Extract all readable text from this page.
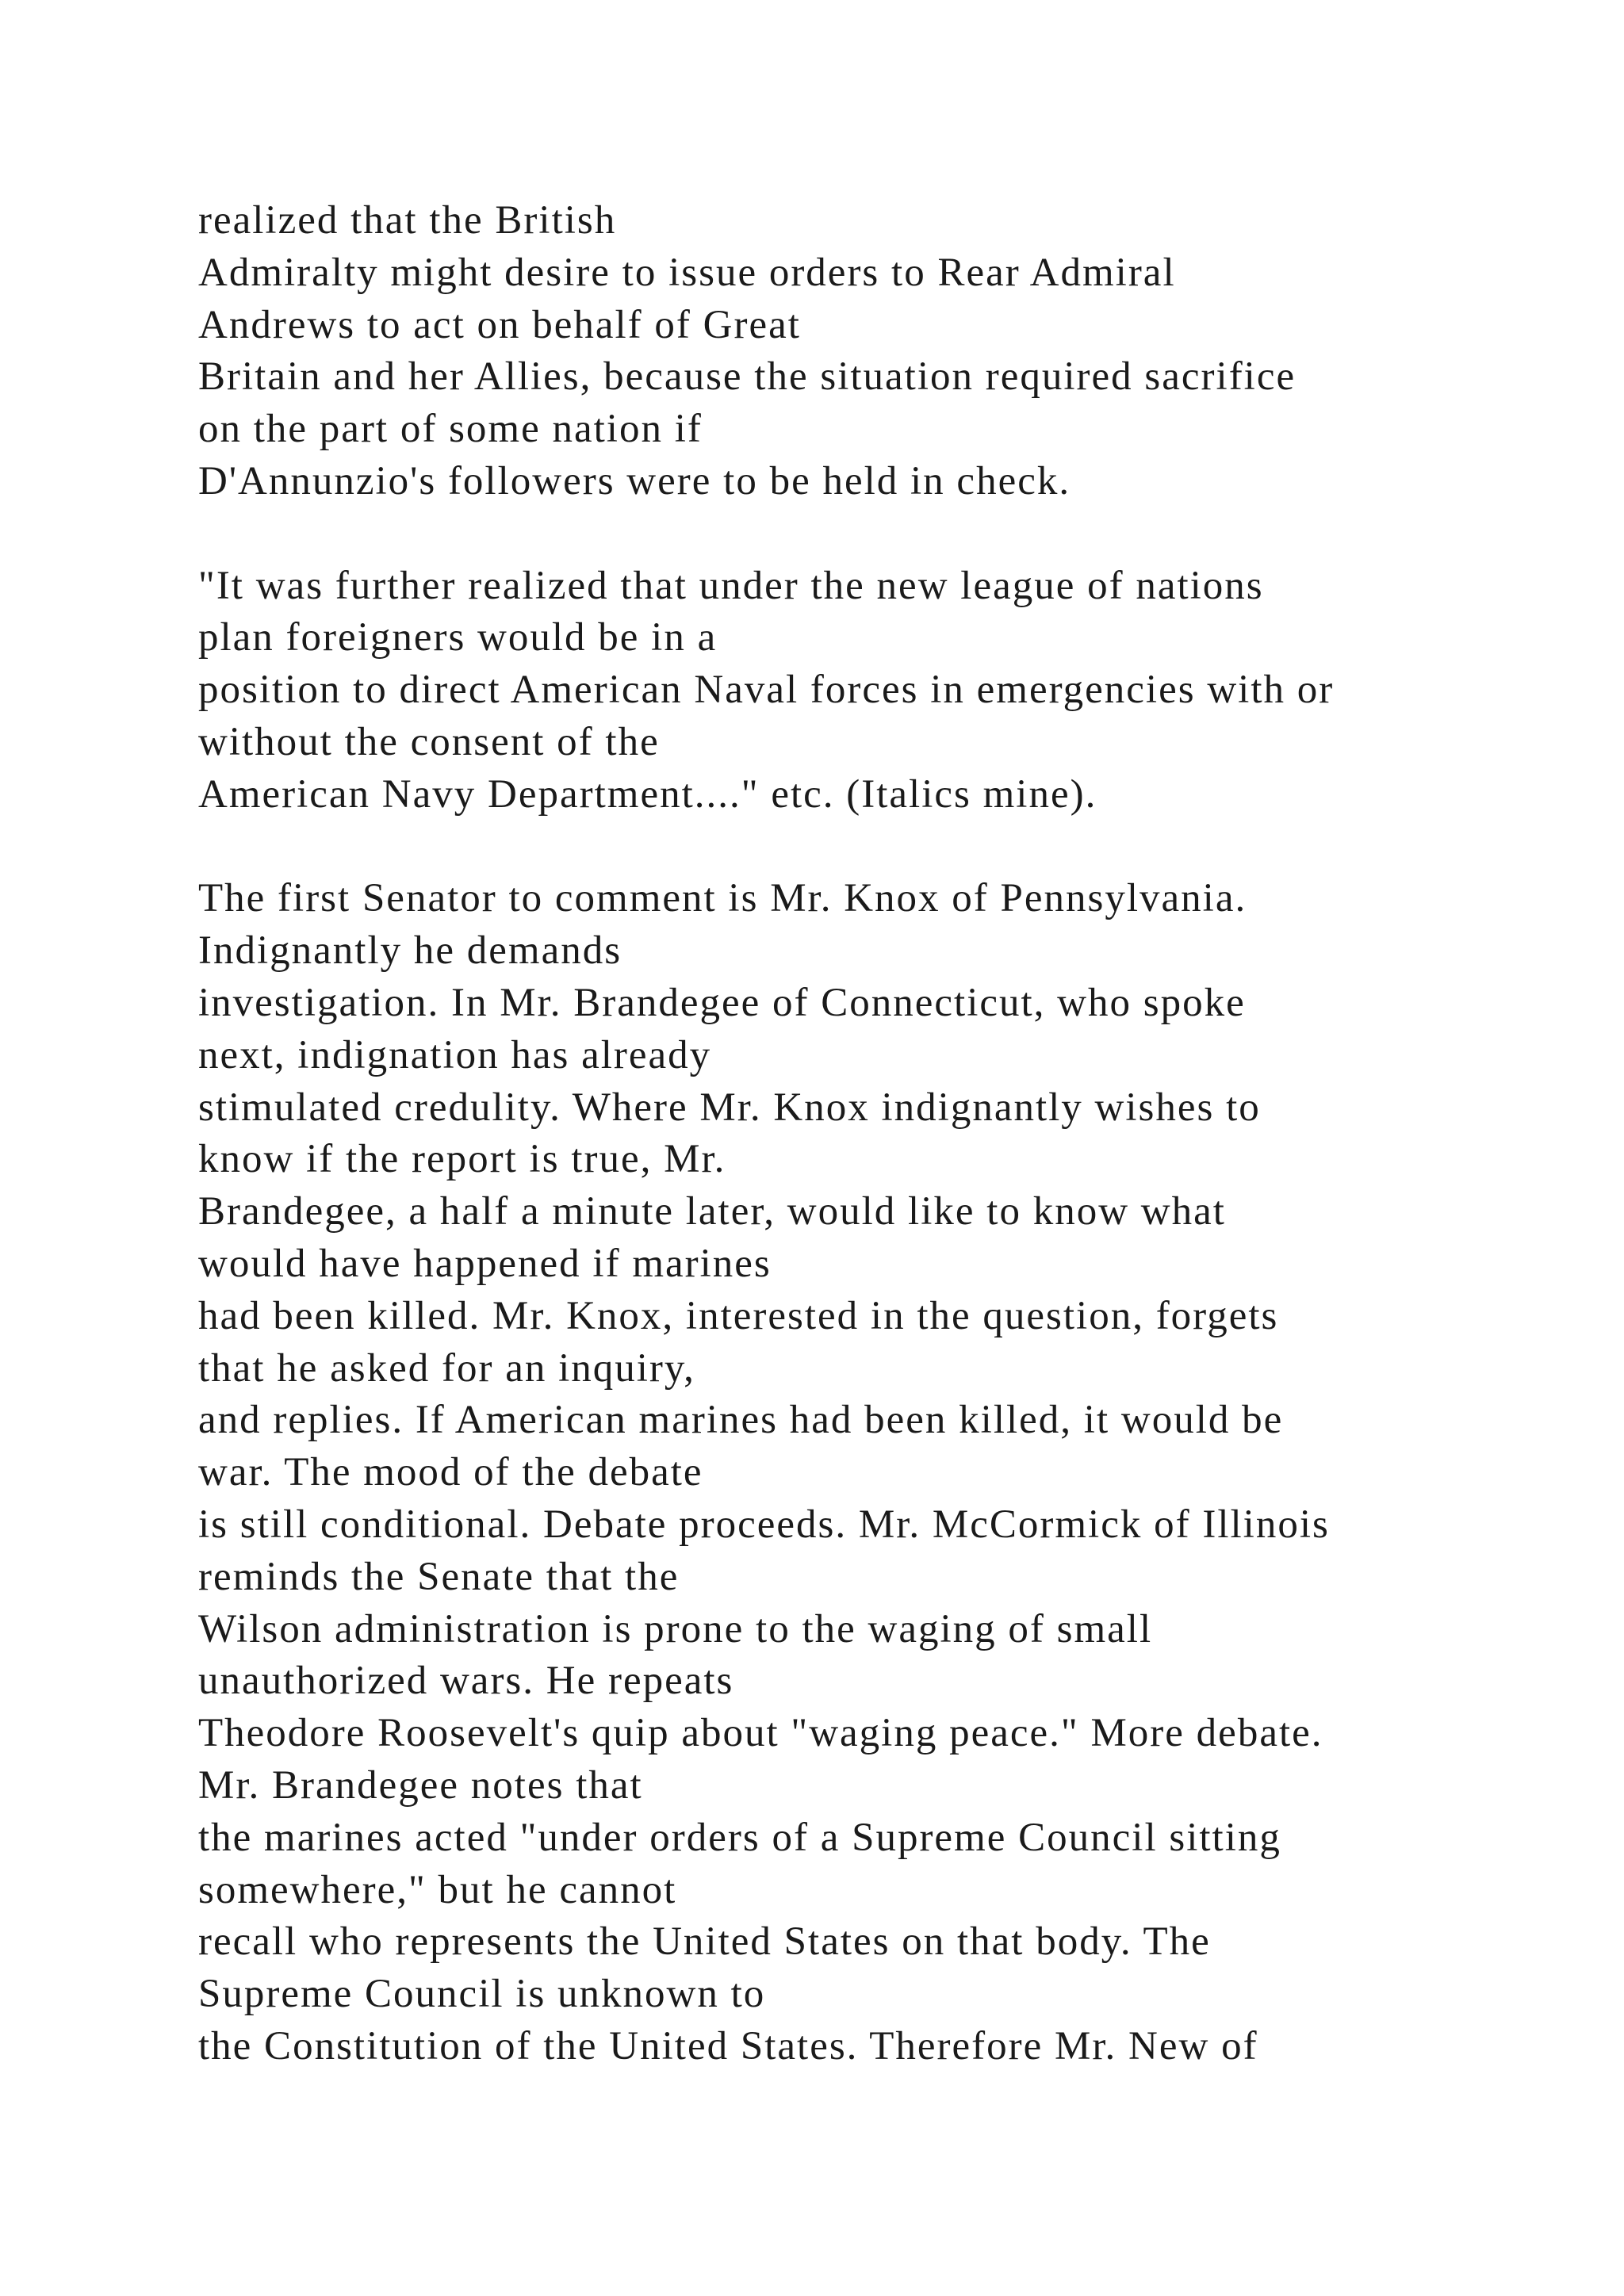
realized that the British
Admiralty might desire to issue orders to Rear Admiral
Andrews to act on behalf of Great
Britain and her Allies, because the situation required sacrifice
on the part of some nation if
D'Annunzio's followers were to be held in check.
"It was further realized that under the new league of nations
plan foreigners would be in a
position to direct American Naval forces in emergencies with or
without the consent of the
American Navy Department...." etc. (Italics mine).
The first Senator to comment is Mr. Knox of Pennsylvania.
Indignantly he demands
investigation. In Mr. Brandegee of Connecticut, who spoke
next, indignation has already
stimulated credulity. Where Mr. Knox indignantly wishes to
know if the report is true, Mr.
Brandegee, a half a minute later, would like to know what
would have happened if marines
had been killed. Mr. Knox, interested in the question, forgets
that he asked for an inquiry,
and replies. If American marines had been killed, it would be
war. The mood of the debate
is still conditional. Debate proceeds. Mr. McCormick of Illinois
reminds the Senate that the
Wilson administration is prone to the waging of small
unauthorized wars. He repeats
Theodore Roosevelt's quip about "waging peace." More debate.
Mr. Brandegee notes that
the marines acted "under orders of a Supreme Council sitting
somewhere," but he cannot
recall who represents the United States on that body. The
Supreme Council is unknown to
the Constitution of the United States. Therefore Mr. New of
